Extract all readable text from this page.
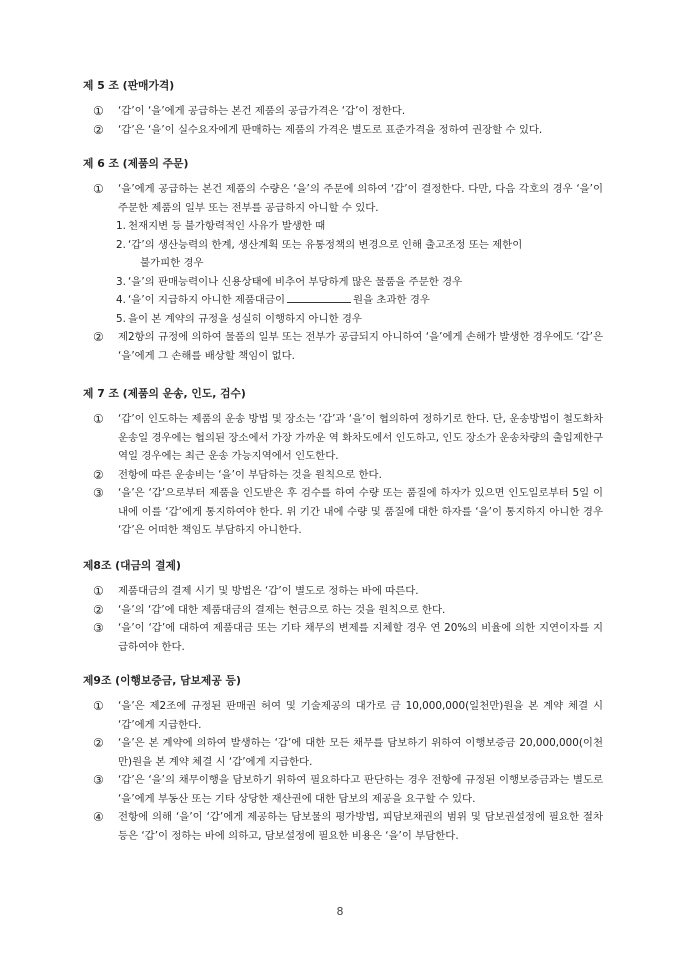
제 5 조 (판매가격)
①	‘갑’이 ‘을’에게 공급하는 본건 제품의 공급가격은 ‘갑’이 정한다.
②	‘갑’은 ‘을’이 실수요자에게 판매하는 제품의 가격은 별도로 표준가격을 정하여 권장할 수 있다.
제 6 조 (제품의 주문)
①	‘을’에게 공급하는 본건 제품의 수량은 ‘을’의 주문에 의하여 ‘갑’이 결정한다. 다만, 다음 각호의 경우 ‘을’이 주문한 제품의 일부 또는 전부를 공급하지 아니할 수 있다.
1. 천재지변 등 불가항력적인 사유가 발생한 때
2. ‘갑’의 생산능력의 한계, 생산계획 또는 유통정책의 변경으로 인해 출고조정 또는 제한이
불가피한 경우
3. ‘을’의 판매능력이나 신용상태에 비추어 부당하게 많은 물품을 주문한 경우
4. ‘을’이 지급하지 아니한 제품대금이	원을 초과한 경우
5. 을이 본 계약의 규정을 성실히 이행하지 아니한 경우
②	제2항의 규정에 의하여 물품의 일부 또는 전부가 공급되지 아니하여 ‘을’에게 손해가 발생한 경우에도 ‘갑’은 ‘을’에게 그 손해를 배상할 책임이 없다.
제 7 조 (제품의 운송, 인도, 검수)
①	‘갑’이 인도하는 제품의 운송 방법 및 장소는 ‘갑’과 ‘을’이 협의하여 정하기로 한다. 단, 운송방법이 철도화차 운송일 경우에는 협의된 장소에서 가장 가까운 역 화차도에서 인도하고, 인도 장소가 운송차량의 출입제한구역일 경우에는 최근 운송 가능지역에서 인도한다.
②	전항에 따른 운송비는 ‘을’이 부담하는 것을 원칙으로 한다.
③	‘을’은 ‘갑’으로부터 제품을 인도받은 후 검수를 하여 수량 또는 품질에 하자가 있으면 인도일로부터 5일 이내에 이를 ‘갑’에게 통지하여야 한다. 위 기간 내에 수량 및 품질에 대한 하자를 ‘을’이 통지하지 아니한 경우 ‘갑’은 어떠한 책임도 부담하지 아니한다.
제8조 (대금의 결제)
①	제품대금의 결제 시기 및 방법은 ‘갑’이 별도로 정하는 바에 따른다.
②	‘을’의 ‘갑’에 대한 제품대금의 결제는 현금으로 하는 것을 원칙으로 한다.
③	‘을’이 ‘갑’에 대하여 제품대금 또는 기타 채무의 변제를 지체할 경우 연 20%의 비율에 의한 지연이자를 지급하여야 한다.
제9조 (이행보증금, 담보제공 등)
①	‘을’은 제2조에 규정된 판매권 허여 및 기술제공의 대가로 금 10,000,000(일천만)원을 본 계약 체결 시 ‘갑’에게 지급한다.
②	‘을’은 본 계약에 의하여 발생하는 ‘갑’에 대한 모든 채무를 담보하기 위하여 이행보증금 20,000,000(이천만)원을 본 계약 체결 시 ‘갑’에게 지급한다.
③	‘갑’은 ‘을’의 채무이행을 담보하기 위하여 필요하다고 판단하는 경우 전항에 규정된 이행보증금과는 별도로 ‘을’에게 부동산 또는 기타 상당한 재산권에 대한 담보의 제공을 요구할 수 있다.
④	전항에 의해 ‘을’이 ‘갑’에게 제공하는 담보물의 평가방법, 피담보채권의 범위 및 담보권설정에 필요한 절차 등은 ‘갑’이 정하는 바에 의하고, 담보설정에 필요한 비용은 ‘을’이 부담한다.
8
